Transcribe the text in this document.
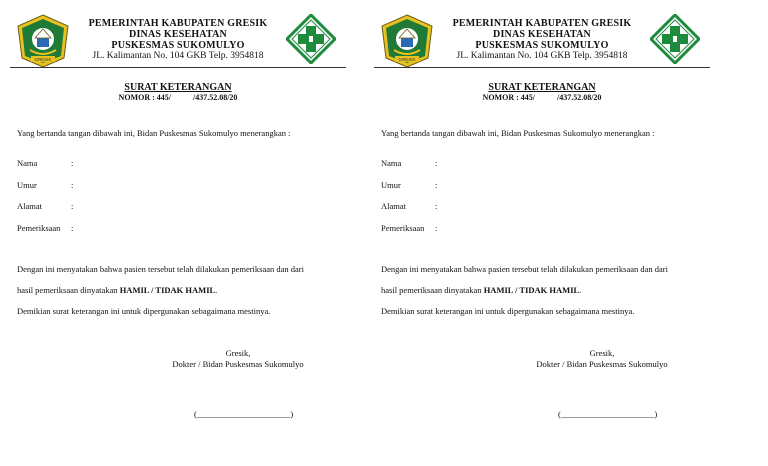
GRESIK
PEMERINTAH KABUPATEN GRESIK
DINAS KESEHATAN
PUSKESMAS SUKOMULYO
JL. Kalimantan No. 104 GKB Telp. 3954818
SURAT KETERANGAN
NOMOR : 445/	/437.52.08/20
Yang bertanda tangan dibawah ini, Bidan Puskesmas Sukomulyo menerangkan :
Nama	:
Umur	:
Alamat	:
Pemeriksaan :
Dengan ini menyatakan bahwa pasien tersebut telah dilakukan pemeriksaan dan dari
hasil pemeriksaan dinyatakan HAMIL / TIDAK HAMIL.
Demikian surat keterangan ini untuk dipergunakan sebagaimana mestinya.
Gresik,
Dokter / Bidan Puskesmas Sukomulyo
(______________________)
GRESIK
PEMERINTAH KABUPATEN GRESIK
DINAS KESEHATAN
PUSKESMAS SUKOMULYO
JL. Kalimantan No. 104 GKB Telp. 3954818
SURAT KETERANGAN
NOMOR : 445/	/437.52.08/20
Yang bertanda tangan dibawah ini, Bidan Puskesmas Sukomulyo menerangkan :
Nama	:
Umur	:
Alamat	:
Pemeriksaan :
Dengan ini menyatakan bahwa pasien tersebut telah dilakukan pemeriksaan dan dari
hasil pemeriksaan dinyatakan HAMIL / TIDAK HAMIL.
Demikian surat keterangan ini untuk dipergunakan sebagaimana mestinya.
Gresik,
Dokter / Bidan Puskesmas Sukomulyo
(______________________)
